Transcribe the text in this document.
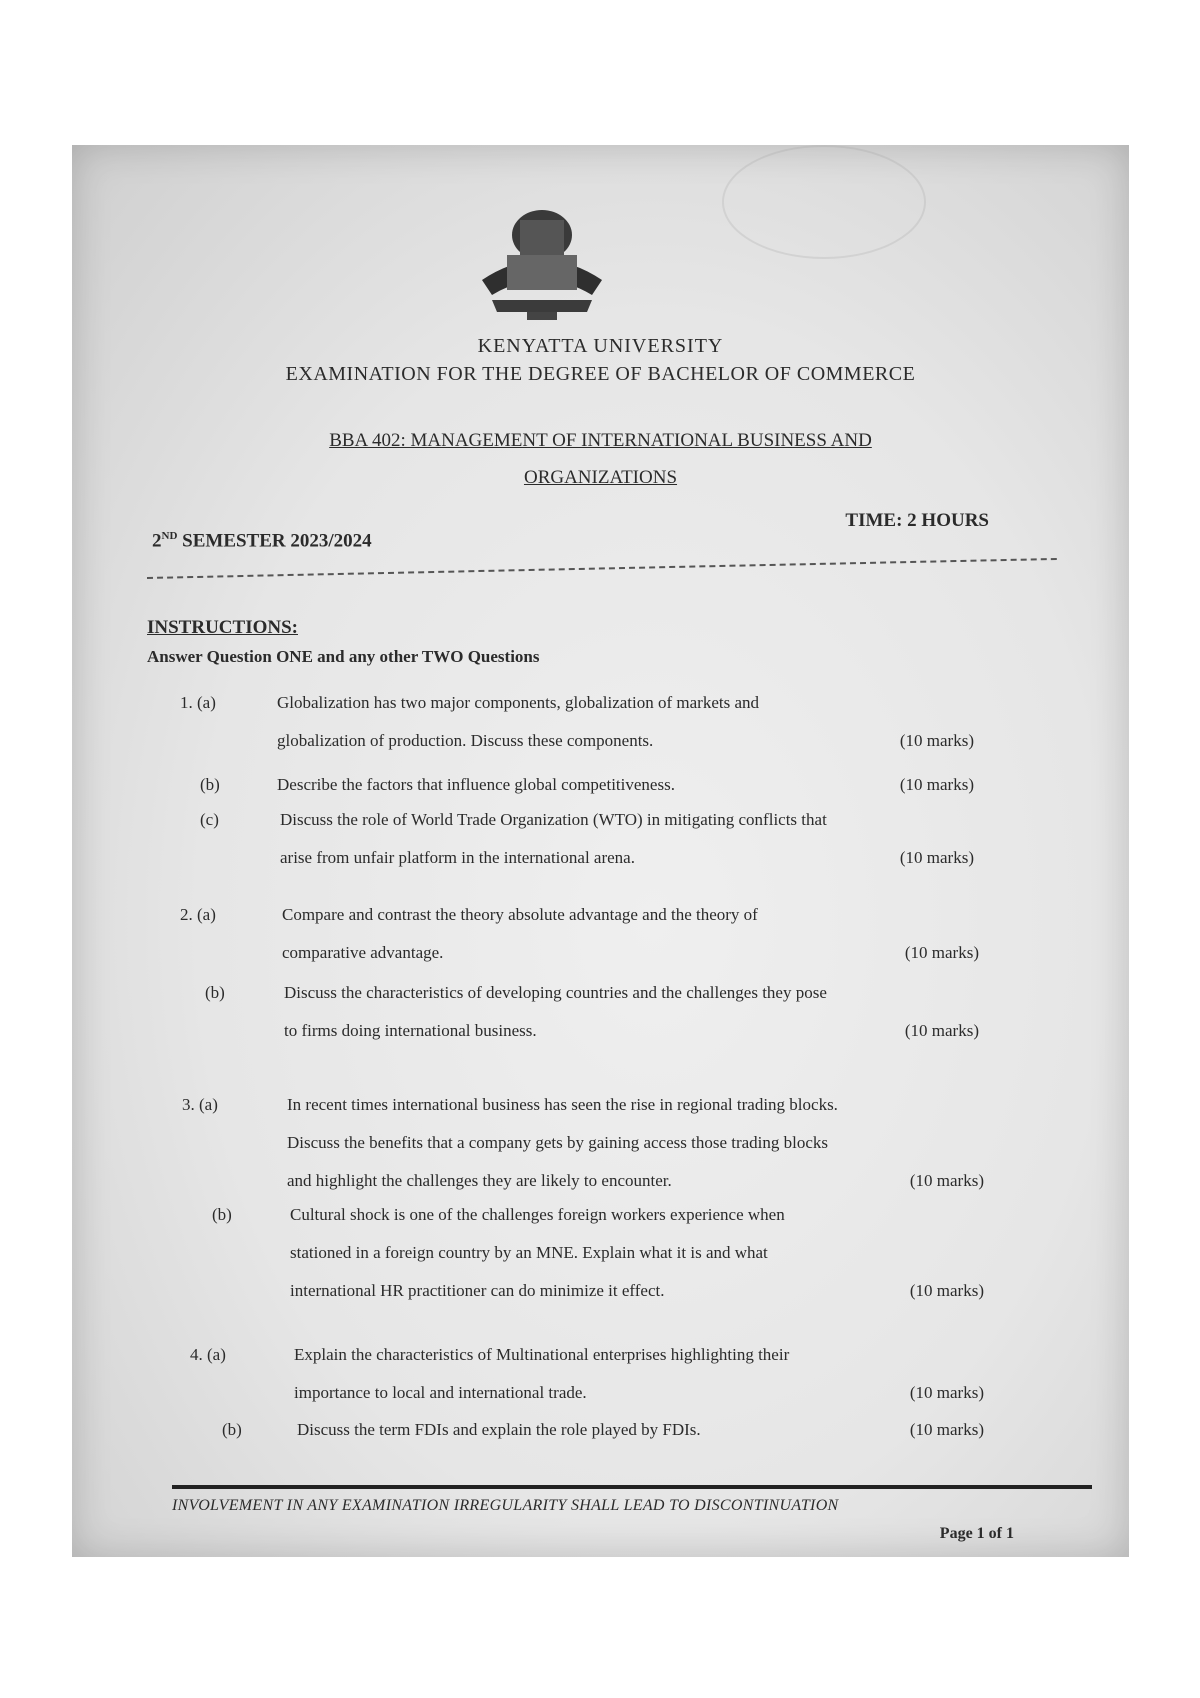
KENYATTA UNIVERSITY
EXAMINATION FOR THE DEGREE OF BACHELOR OF COMMERCE
BBA 402: MANAGEMENT OF INTERNATIONAL BUSINESS AND
ORGANIZATIONS
2ND SEMESTER 2023/2024
TIME: 2 HOURS
INSTRUCTIONS:
Answer Question ONE and any other TWO Questions
1. (a)	Globalization has two major components, globalization of markets and
globalization of production. Discuss these components.	(10 marks)
(b)	Describe the factors that influence global competitiveness.	(10 marks)
(c)	Discuss the role of World Trade Organization (WTO) in mitigating conflicts that
arise from unfair platform in the international arena.	(10 marks)
2. (a)	Compare and contrast the theory absolute advantage and the theory of
comparative advantage.	(10 marks)
(b)	Discuss the characteristics of developing countries and the challenges they pose
to firms doing international business.	(10 marks)
3. (a)	In recent times international business has seen the rise in regional trading blocks.
Discuss the benefits that a company gets by gaining access those trading blocks
and highlight the challenges they are likely to encounter.	(10 marks)
(b)	Cultural shock is one of the challenges foreign workers experience when
stationed in a foreign country by an MNE. Explain what it is and what
international HR practitioner can do minimize it effect.	(10 marks)
4. (a)	Explain the characteristics of Multinational enterprises highlighting their
importance to local and international trade.	(10 marks)
(b)	Discuss the term FDIs and explain the role played by FDIs.	(10 marks)
INVOLVEMENT IN ANY EXAMINATION IRREGULARITY SHALL LEAD TO DISCONTINUATION
Page 1 of 1
